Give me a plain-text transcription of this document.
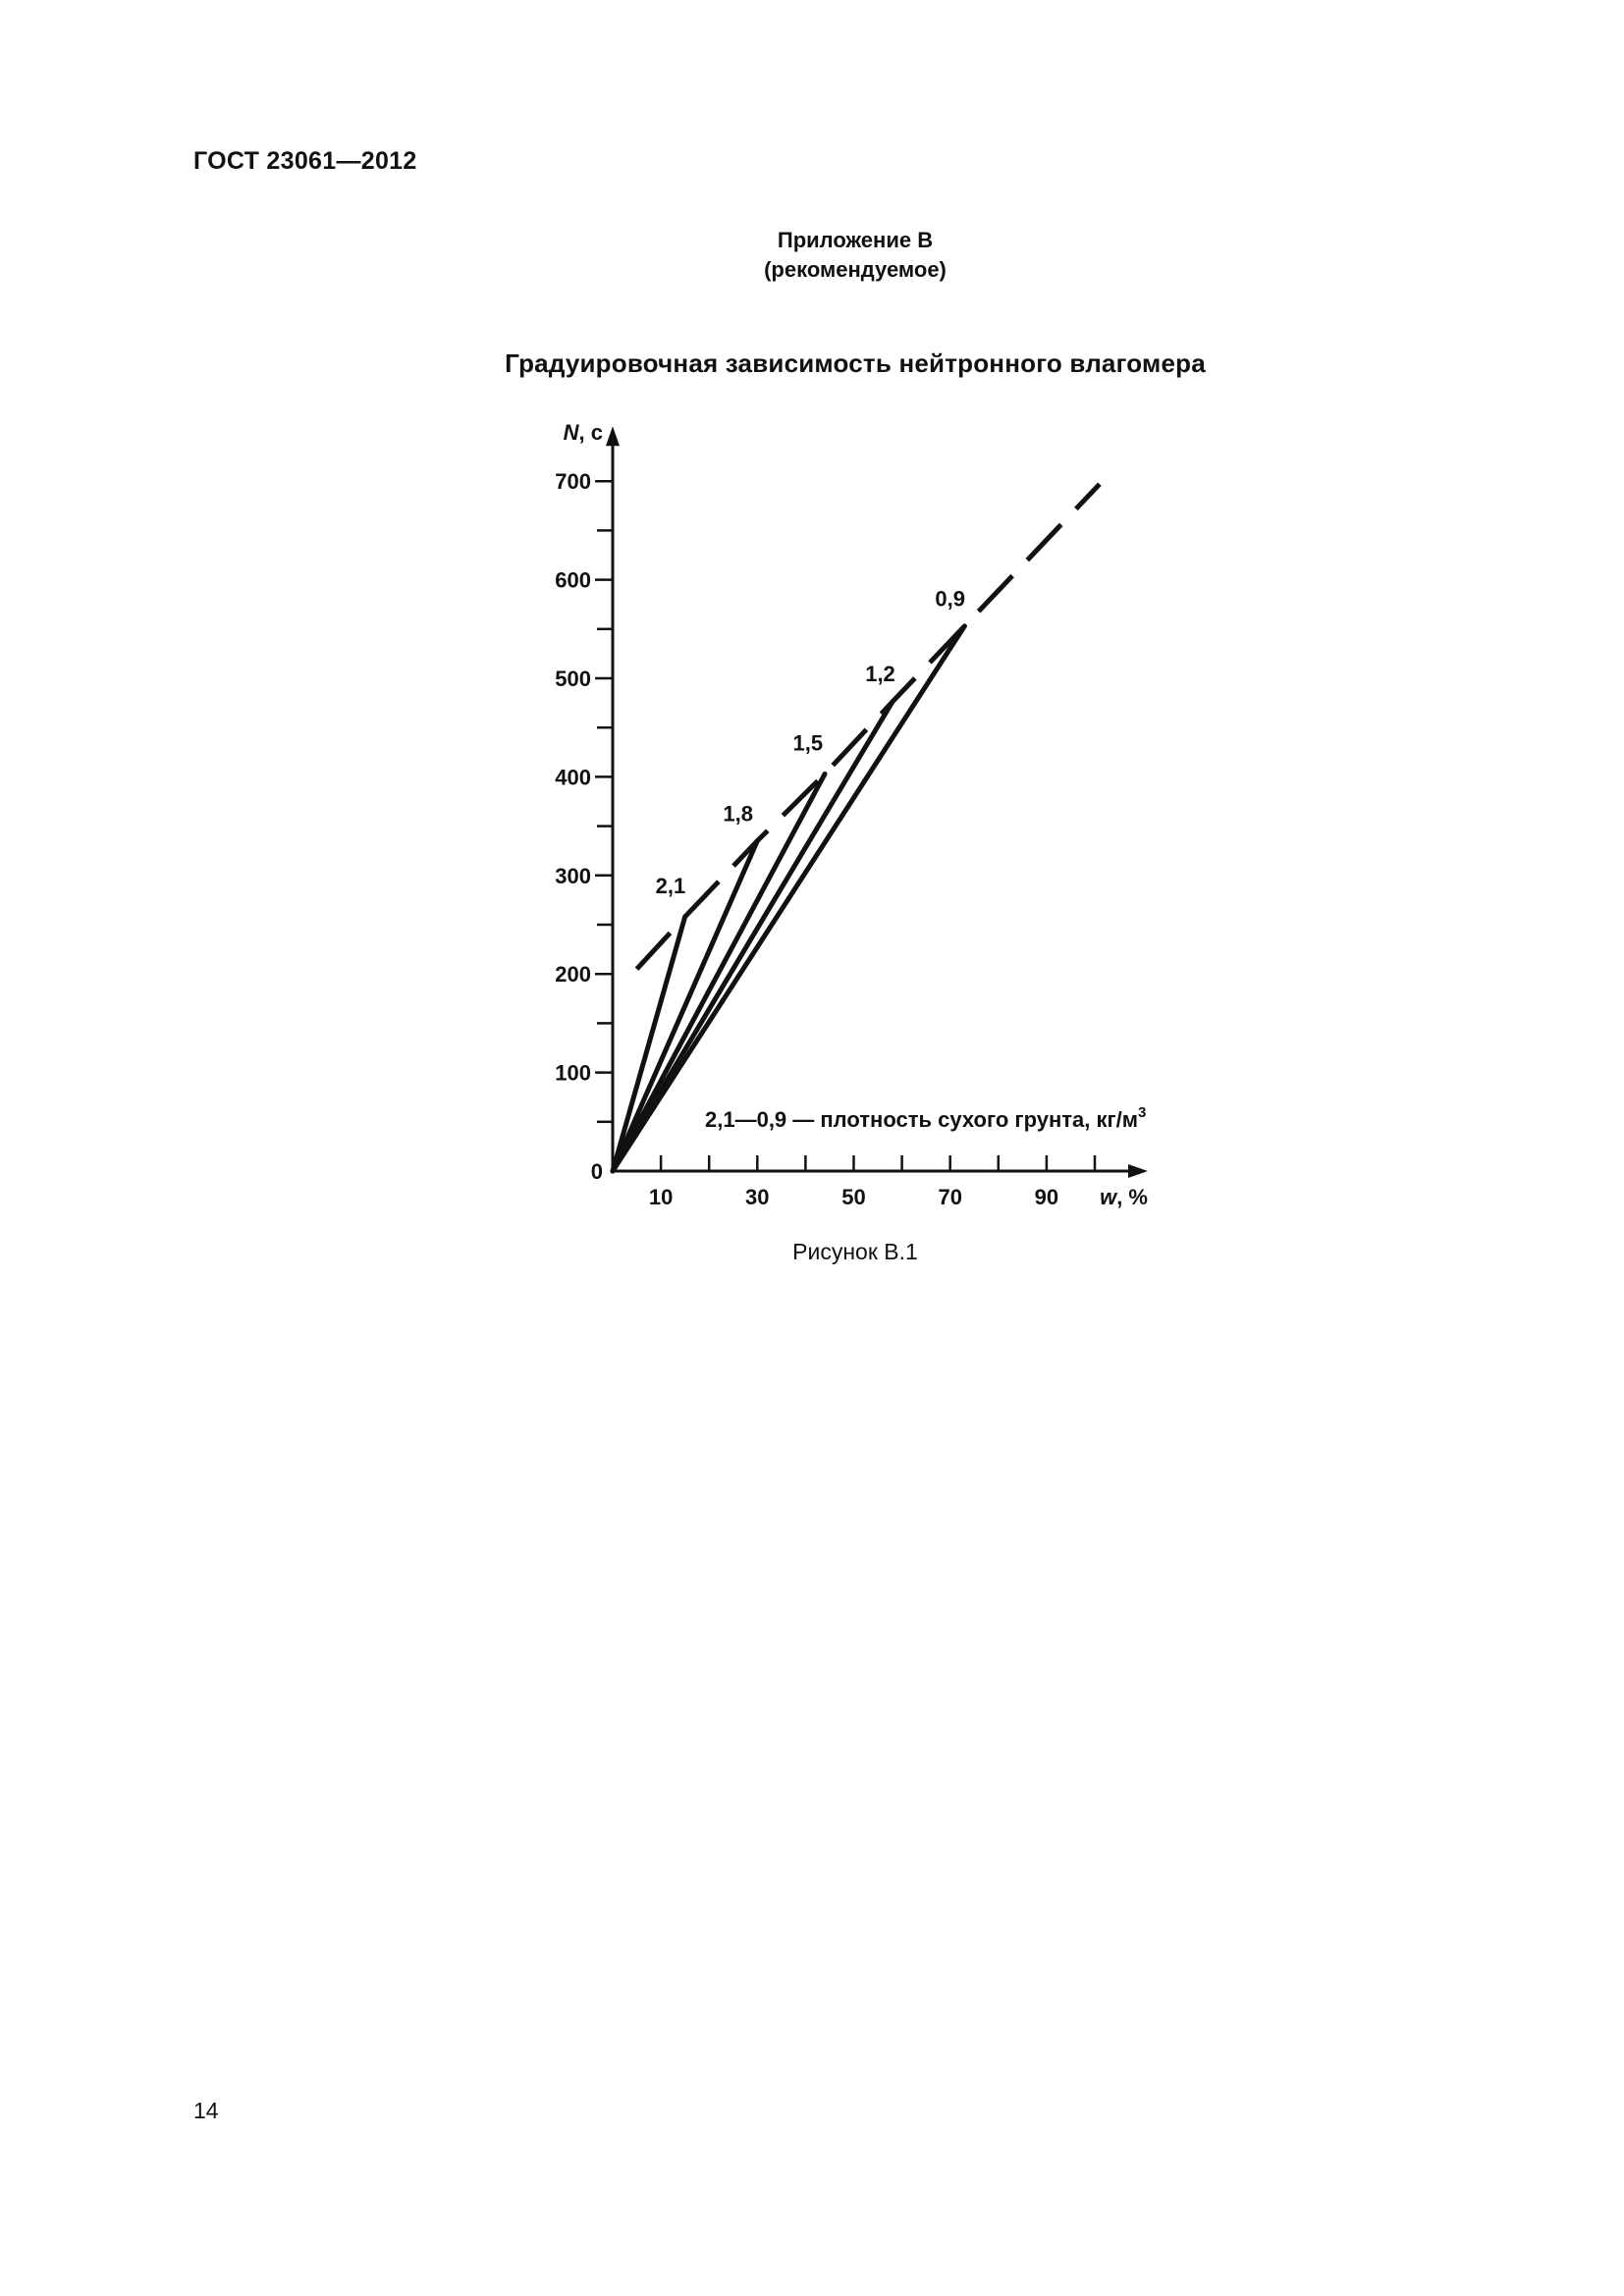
ГОСТ 23061—2012
Приложение В
(рекомендуемое)
Градуировочная зависимость нейтронного влагомера
10	30	50	70	90
100
200
300
400
500
600
700
0
N, с
w, %
2,1
1,8
1,5
1,2
0,9
2,1—0,9 — плотность сухого грунта, $кг/м^3$
Рисунок В.1
14
